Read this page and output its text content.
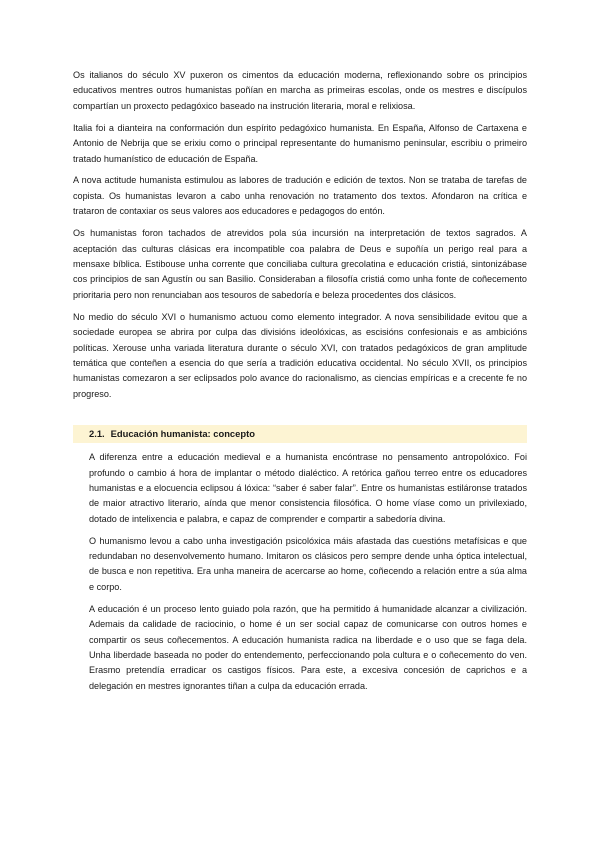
Os italianos do século XV puxeron os cimentos da educación moderna, reflexionando sobre os principios educativos mentres outros humanistas poñían en marcha as primeiras escolas, onde os mestres e discípulos compartían un proxecto pedagóxico baseado na instrución literaria, moral e relixiosa.

Italia foi a dianteira na conformación dun espírito pedagóxico humanista. En España, Alfonso de Cartaxena e Antonio de Nebrija que se erixiu como o principal representante do humanismo peninsular, escribiu o primeiro tratado humanístico de educación de España.

A nova actitude humanista estimulou as labores de tradución e edición de textos. Non se trataba de tarefas de copista. Os humanistas levaron a cabo unha renovación no tratamento dos textos. Afondaron na crítica e trataron de contaxiar os seus valores aos educadores e pedagogos do entón.

Os humanistas foron tachados de atrevidos pola súa incursión na interpretación de textos sagrados. A aceptación das culturas clásicas era incompatible coa palabra de Deus e supoñía un perigo real para a mensaxe bíblica. Estibouse unha corrente que conciliaba cultura grecolatina e educación cristiá, sintonizábase cos principios de san Agustín ou san Basilio. Consideraban a filosofía cristiá como unha fonte de coñecemento prioritaria pero non renunciaban aos tesouros de sabedoría e beleza procedentes dos clásicos.

No medio do século XVI o humanismo actuou como elemento integrador. A nova sensibilidade evitou que a sociedade europea se abrira por culpa das divisións ideolóxicas, as escisións confesionais e as ambicións políticas. Xerouse unha variada literatura durante o século XVI, con tratados pedagóxicos de gran amplitude temática que conteñen a esencia do que sería a tradición educativa occidental. No século XVII, os principios humanistas comezaron a ser eclipsados polo avance do racionalismo, as ciencias empíricas e a crecente fe no progreso.

2.1. Educación humanista: concepto

A diferenza entre a educación medieval e a humanista encóntrase no pensamento antropolóxico. Foi profundo o cambio á hora de implantar o método dialéctico. A retórica gañou terreo entre os educadores humanistas e a elocuencia eclipsou á lóxica: “saber é saber falar”. Entre os humanistas estiláronse tratados de maior atractivo literario, aínda que menor consistencia filosófica. O home víase como un privilexiado, dotado de intelixencia e palabra, e capaz de comprender e compartir a sabedoría divina.

O humanismo levou a cabo unha investigación psicolóxica máis afastada das cuestións metafísicas e que redundaban no desenvolvemento humano. Imitaron os clásicos pero sempre dende unha óptica intelectual, de busca e non repetitiva. Era unha maneira de acercarse ao home, coñecendo a relación entre a súa alma e corpo.

A educación é un proceso lento guiado pola razón, que ha permitido á humanidade alcanzar a civilización. Ademais da calidade de raciocinio, o home é un ser social capaz de comunicarse con outros homes e compartir os seus coñecementos. A educación humanista radica na liberdade e o uso que se faga dela. Unha liberdade baseada no poder do entendemento, perfeccionando pola cultura e o coñecemento do ven. Erasmo pretendía erradicar os castigos físicos. Para este, a excesiva concesión de caprichos e a delegación en mestres ignorantes tiñan a culpa da educación errada.
